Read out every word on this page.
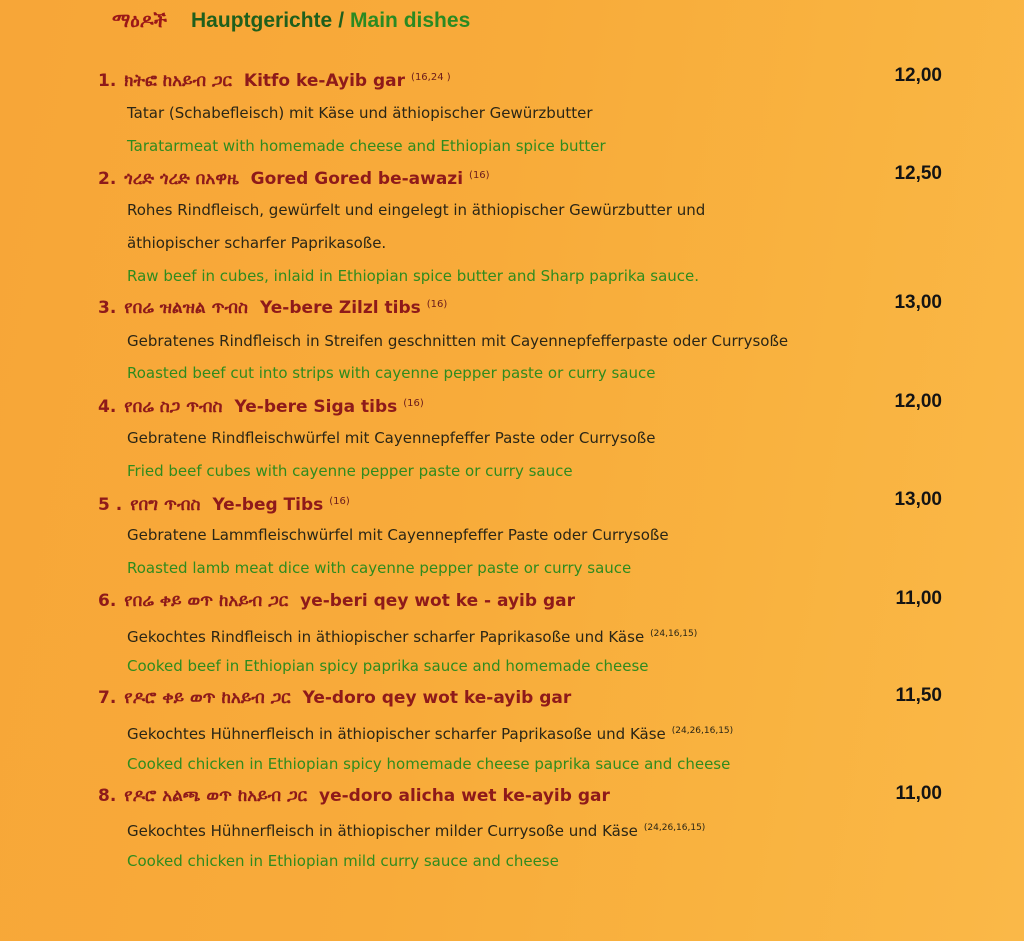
ማዕዶች Hauptgerichte / Main dishes
1. ክትፎ ከአይብ ጋር Kitfo ke-Ayib gar $^{(16,24 )}$	12,00
Tatar (Schabefleisch) mit Käse und äthiopischer Gewürzbutter
Taratarmeat with homemade cheese and Ethiopian spice butter
2. ጎረድ ጎረድ በአዋዜ Gored Gored be-awazi $^{(16)}$	12,50
Rohes Rindfleisch, gewürfelt und eingelegt in äthiopischer Gewürzbutter und
äthiopischer scharfer Paprikasoße.
Raw beef in cubes, inlaid in Ethiopian spice butter and Sharp paprika sauce.
3. የበሬ ዝልዝል ጥብስ Ye-bere Zilzl tibs $^{(16)}$	13,00
Gebratenes Rindfleisch in Streifen geschnitten mit Cayennepfefferpaste oder Currysoße
Roasted beef cut into strips with cayenne pepper paste or curry sauce
4. የበሬ ስጋ ጥብስ Ye-bere Siga tibs $^{(16)}$	12,00
Gebratene Rindfleischwürfel mit Cayennepfeffer Paste oder Currysoße
Fried beef cubes with cayenne pepper paste or curry sauce
5 . የበግ ጥብስ Ye-beg Tibs $^{(16)}$	13,00
Gebratene Lammfleischwürfel mit Cayennepfeffer Paste oder Currysoße
Roasted lamb meat dice with cayenne pepper paste or curry sauce
6. የበሬ ቀይ ወጥ ከአይብ ጋር ye-beri qey wot ke - ayib gar	11,00
Gekochtes Rindfleisch in äthiopischer scharfer Paprikasoße und Käse $^{(24,16,15)}$
Cooked beef in Ethiopian spicy paprika sauce and homemade cheese
7. የዶሮ ቀይ ወጥ ከአይብ ጋር Ye-doro qey wot ke-ayib gar	11,50
Gekochtes Hühnerfleisch in äthiopischer scharfer Paprikasoße und Käse $^{(24,26,16,15)}$
Cooked chicken in Ethiopian spicy homemade cheese paprika sauce and cheese
8. የዶሮ አልጫ ወጥ ከአይብ ጋር ye-doro alicha wet ke-ayib gar	11,00
Gekochtes Hühnerfleisch in äthiopischer milder Currysoße und Käse $^{(24,26,16,15)}$
Cooked chicken in Ethiopian mild curry sauce and cheese
